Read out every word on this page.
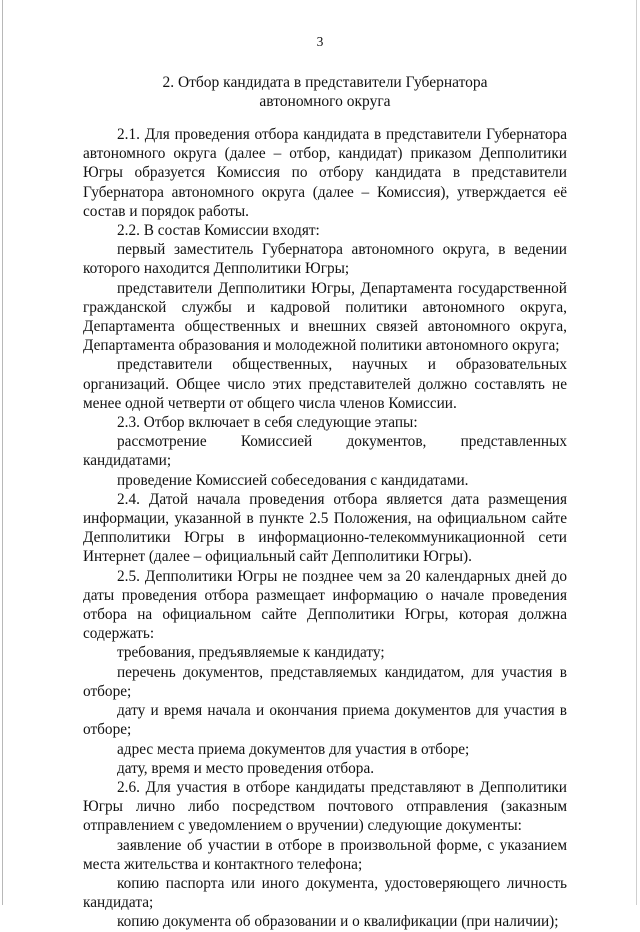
3
2. Отбор кандидата в представители Губернатора автономного округа

2.1. Для проведения отбора кандидата в представители Губернатора автономного округа (далее – отбор, кандидат) приказом Депполитики Югры образуется Комиссия по отбору кандидата в представители Губернатора автономного округа (далее – Комиссия), утверждается её состав и порядок работы.

2.2. В состав Комиссии входят:

первый заместитель Губернатора автономного округа, в ведении которого находится Депполитики Югры;

представители Депполитики Югры, Департамента государственной гражданской службы и кадровой политики автономного округа, Департамента общественных и внешних связей автономного округа, Департамента образования и молодежной политики автономного округа;

представители общественных, научных и образовательных организаций. Общее число этих представителей должно составлять не менее одной четверти от общего числа членов Комиссии.

2.3. Отбор включает в себя следующие этапы:

рассмотрение Комиссией документов, представленных кандидатами;

проведение Комиссией собеседования с кандидатами.

2.4. Датой начала проведения отбора является дата размещения информации, указанной в пункте 2.5 Положения, на официальном сайте Депполитики Югры в информационно-телекоммуникационной сети Интернет (далее – официальный сайт Депполитики Югры).

2.5. Депполитики Югры не позднее чем за 20 календарных дней до даты проведения отбора размещает информацию о начале проведения отбора на официальном сайте Депполитики Югры, которая должна содержать:

требования, предъявляемые к кандидату;

перечень документов, представляемых кандидатом, для участия в отборе;

дату и время начала и окончания приема документов для участия в отборе;

адрес места приема документов для участия в отборе;

дату, время и место проведения отбора.

2.6. Для участия в отборе кандидаты представляют в Депполитики Югры лично либо посредством почтового отправления (заказным отправлением с уведомлением о вручении) следующие документы:

заявление об участии в отборе в произвольной форме, с указанием места жительства и контактного телефона;

копию паспорта или иного документа, удостоверяющего личность кандидата;

копию документа об образовании и о квалификации (при наличии);
